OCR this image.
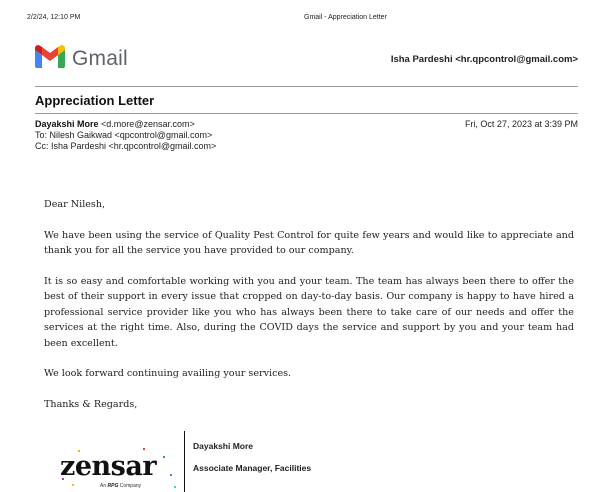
2/2/24, 12:10 PM	Gmail - Appreciation Letter
Gmail	Isha Pardeshi <hr.qpcontrol@gmail.com>
Appreciation Letter
Dayakshi More <d.more@zensar.com>
To: Nilesh Gaikwad <qpcontrol@gmail.com>
Cc: Isha Pardeshi <hr.qpcontrol@gmail.com>
Fri, Oct 27, 2023 at 3:39 PM

Dear Nilesh,

We have been using the service of Quality Pest Control for quite few years and would like to appreciate and thank you for all the service you have provided to our company.

It is so easy and comfortable working with you and your team. The team has always been there to offer the best of their support in every issue that cropped on day-to-day basis. Our company is happy to have hired a professional service provider like you who has always been there to take care of our needs and offer the services at the right time. Also, during the COVID days the service and support by you and your team had been excellent.

We look forward continuing availing your services.

Thanks & Regards,

zensar
An RPG Company
Dayakshi More
Associate Manager, Facilities
